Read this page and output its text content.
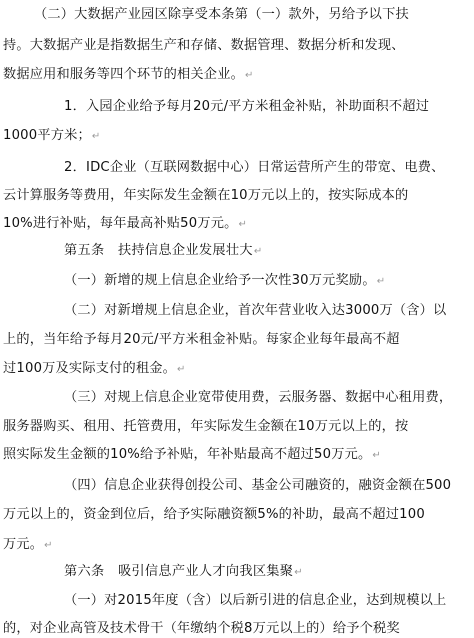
（二）大数据产业园区除享受本条第（一）款外，另给予以下扶
持。大数据产业是指数据生产和存储、数据管理、数据分析和发现、
数据应用和服务等四个环节的相关企业。↵
1．入园企业给予每月20元/平方米租金补贴，补助面积不超过
1000平方米；↵
2．IDC企业（互联网数据中心）日常运营所产生的带宽、电费、
云计算服务等费用，年实际发生金额在10万元以上的，按实际成本的
10%进行补贴，每年最高补贴50万元。↵
第五条　扶持信息企业发展壮大↵
（一）新增的规上信息企业给予一次性30万元奖励。↵
（二）对新增规上信息企业，首次年营业收入达3000万（含）以
上的，当年给予每月20元/平方米租金补贴。每家企业每年最高不超
过100万及实际支付的租金。↵
（三）对规上信息企业宽带使用费，云服务器、数据中心租用费，
服务器购买、租用、托管费用，年实际发生金额在10万元以上的，按
照实际发生金额的10%给予补贴，年补贴最高不超过50万元。↵
（四）信息企业获得创投公司、基金公司融资的，融资金额在500
万元以上的，资金到位后，给予实际融资额5%的补助，最高不超过100
万元。↵
第六条　吸引信息产业人才向我区集聚↵
（一）对2015年度（含）以后新引进的信息企业，达到规模以上
的，对企业高管及技术骨干（年缴纳个税8万元以上的）给予个税奖
